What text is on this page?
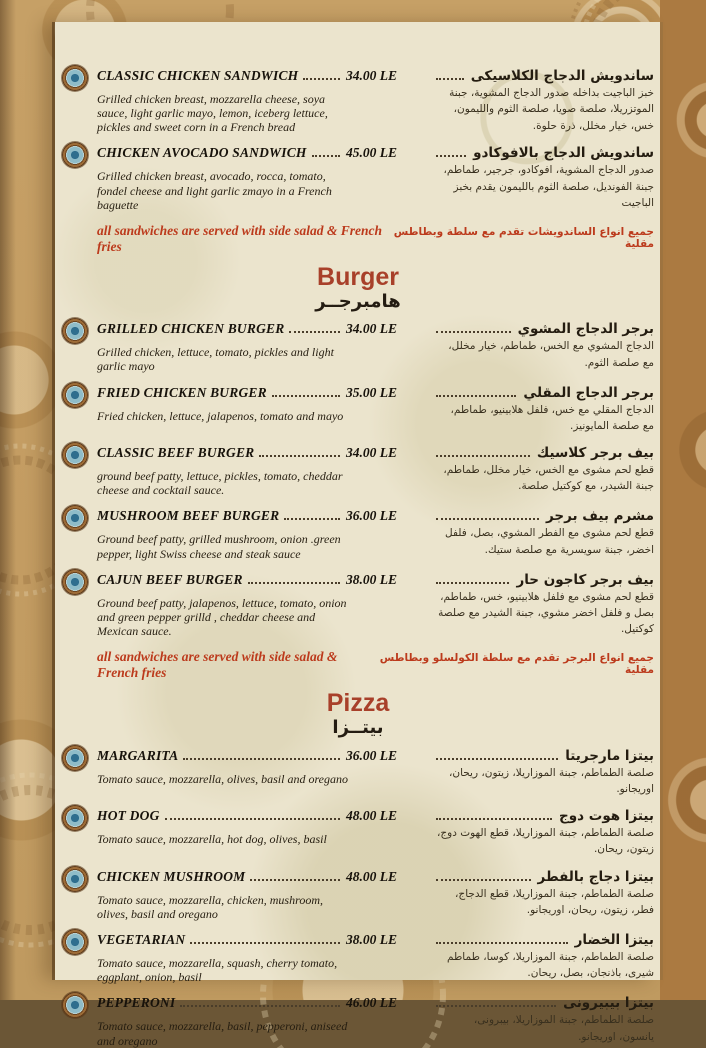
CLASSIC CHICKEN SANDWICH	34.00 LE
Grilled chicken breast, mozzarella cheese, soya sauce, light garlic mayo, lemon, iceberg lettuce, pickles and sweet corn in a French bread
ساندويش الدجاج الكلاسيكى
خبز الباجيت بداخله صدور الدجاج المشوية، جبنة الموتزريلا، صلصة صويا، صلصة الثوم والليمون، خس، خيار مخلل، ذرة حلوة.
CHICKEN AVOCADO SANDWICH	45.00 LE
Grilled chicken breast, avocado, rocca, tomato, fondel cheese and light garlic zmayo in a French baguette
ساندويش الدجاج بالافوكادو
صدور الدجاج المشوية، افوكادو، جرجير، طماطم، جبنة الفونديل، صلصة الثوم بالليمون يقدم بخبز الباجيت
all sandwiches are served with side salad & French fries
جميع انواع الساندويشات تقدم مع سلطة وبطاطس مقلية
Burger
هامبرجــر
GRILLED CHICKEN BURGER	34.00 LE
Grilled chicken, lettuce, tomato, pickles and light garlic mayo
برجر الدجاج المشوي
الدجاج المشوي مع الخس، طماطم، خيار مخلل، مع صلصة الثوم.
FRIED CHICKEN BURGER	35.00 LE
Fried chicken, lettuce, jalapenos, tomato and mayo
برجر الدجاج المقلي
الدجاج المقلي مع خس، فلفل هلابينيو، طماطم، مع صلصة المايونيز.
CLASSIC BEEF BURGER	34.00 LE
ground beef patty, lettuce, pickles, tomato, cheddar cheese and cocktail sauce.
بيف برجر كلاسيك
قطع لحم مشوى مع الخس، خيار مخلل، طماطم، جبنة الشيدر، مع كوكتيل صلصة.
MUSHROOM BEEF BURGER	36.00 LE
Ground beef patty, grilled mushroom, onion .green pepper, light Swiss cheese and steak sauce
مشرم بيف برجر
قطع لحم مشوى مع الفطر المشوي، بصل، فلفل اخضر، جبنة سويسرية مع صلصة ستيك.
CAJUN BEEF BURGER	38.00 LE
Ground beef patty, jalapenos, lettuce, tomato, onion and green pepper grilld , cheddar cheese and Mexican sauce.
بيف برجر كاجون حار
قطع لحم مشوى مع فلفل هلابينيو، خس، طماطم، بصل و فلفل اخضر مشوي، جبنة الشيدر مع صلصة كوكتيل.
all sandwiches are served with side salad & French fries
جميع انواع البرجر تقدم مع سلطة الكولسلو وبطاطس مقلية
Pizza
بيتــزا
MARGARITA	36.00 LE
Tomato sauce, mozzarella, olives, basil and oregano
بيتزا مارجريتا
صلصة الطماطم، جبنة الموزاريلا، زيتون، ريحان، اوريجانو.
HOT DOG	48.00 LE
Tomato sauce, mozzarella, hot dog, olives, basil
بيتزا هوت دوج
صلصة الطماطم، جبنة الموزاريلا، قطع الهوت دوج، زيتون، ريحان.
CHICKEN MUSHROOM	48.00 LE
Tomato sauce, mozzarella, chicken, mushroom, olives, basil and oregano
بيتزا دجاج بالفطر
صلصة الطماطم، جبنة الموزاريلا، قطع الدجاج، فطر، زيتون، ريحان، اوريجانو.
VEGETARIAN	38.00 LE
Tomato sauce, mozzarella, squash, cherry tomato, eggplant, onion, basil
بيتزا الخضار
صلصة الطماطم، جبنة الموزاريلا، كوسا، طماطم شيرى، باذنجان، بصل، ريحان.
PEPPERONI	46.00 LE
Tomato sauce, mozzarella, basil, pepperoni, aniseed and oregano
بيتزا بيبيرونى
صلصة الطماطم، جبنة الموزاريلا، بيبرونى، يانسون، اوريجانو.
